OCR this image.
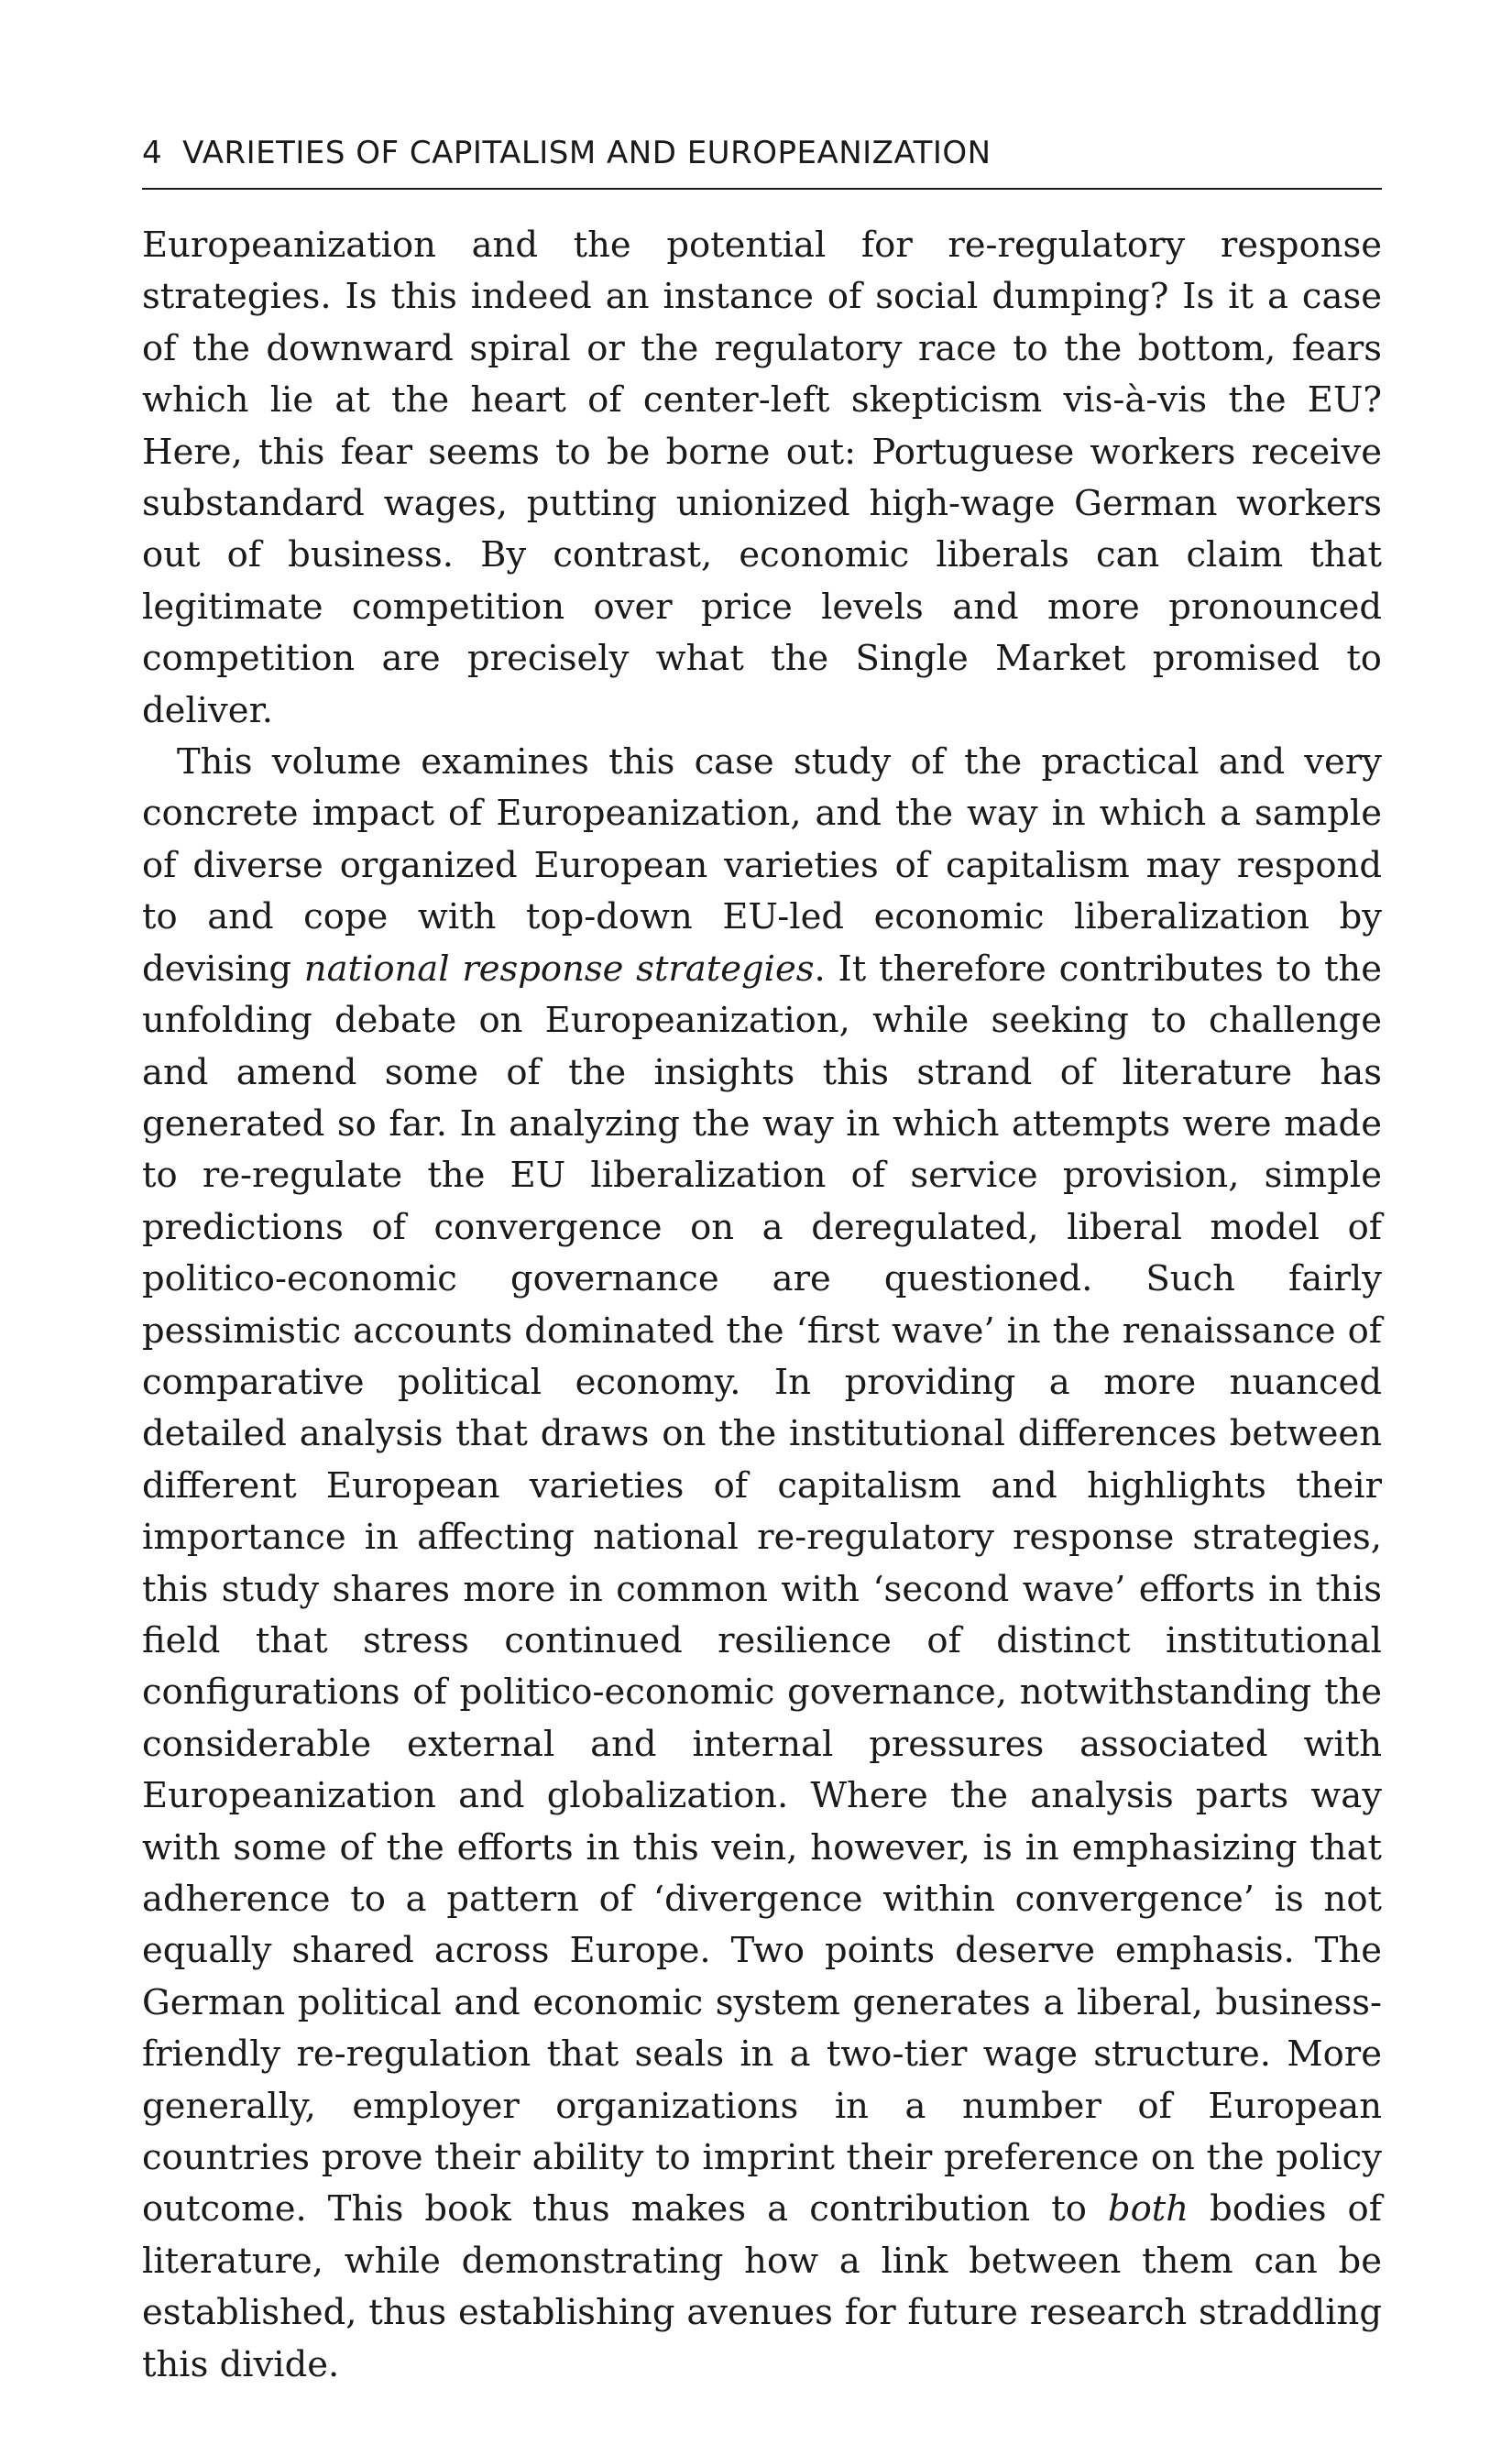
4 VARIETIES OF CAPITALISM AND EUROPEANIZATION

Europeanization and the potential for re-regulatory response strategies. Is this indeed an instance of social dumping? Is it a case of the downward spiral or the regulatory race to the bottom, fears which lie at the heart of center-left skepticism vis-à-vis the EU? Here, this fear seems to be borne out: Portuguese workers receive substandard wages, putting unionized high-wage German workers out of business. By contrast, economic liberals can claim that legitimate competition over price levels and more pronounced competition are precisely what the Single Market promised to deliver.

This volume examines this case study of the practical and very concrete impact of Europeanization, and the way in which a sample of diverse organized European varieties of capitalism may respond to and cope with top-down EU-led economic liberalization by devising national response strategies. It therefore contributes to the unfolding debate on Europeanization, while seeking to challenge and amend some of the insights this strand of literature has generated so far. In analyzing the way in which attempts were made to re-regulate the EU liberalization of service provision, simple predictions of convergence on a deregulated, liberal model of politico-economic governance are questioned. Such fairly pessimistic accounts dominated the ‘first wave’ in the renaissance of comparative political economy. In providing a more nuanced detailed analysis that draws on the institutional differences between different European varieties of capitalism and highlights their importance in affecting national re-regulatory response strategies, this study shares more in common with ‘second wave’ efforts in this field that stress continued resilience of distinct institutional configurations of politico-economic governance, notwithstanding the considerable external and internal pressures associated with Europeanization and globalization. Where the analysis parts way with some of the efforts in this vein, however, is in emphasizing that adherence to a pattern of ‘divergence within convergence’ is not equally shared across Europe. Two points deserve emphasis. The German political and economic system generates a liberal, business-friendly re-regulation that seals in a two-tier wage structure. More generally, employer organizations in a number of European countries prove their ability to imprint their preference on the policy outcome. This book thus makes a contribution to both bodies of literature, while demonstrating how a link between them can be established, thus establishing avenues for future research straddling this divide.
